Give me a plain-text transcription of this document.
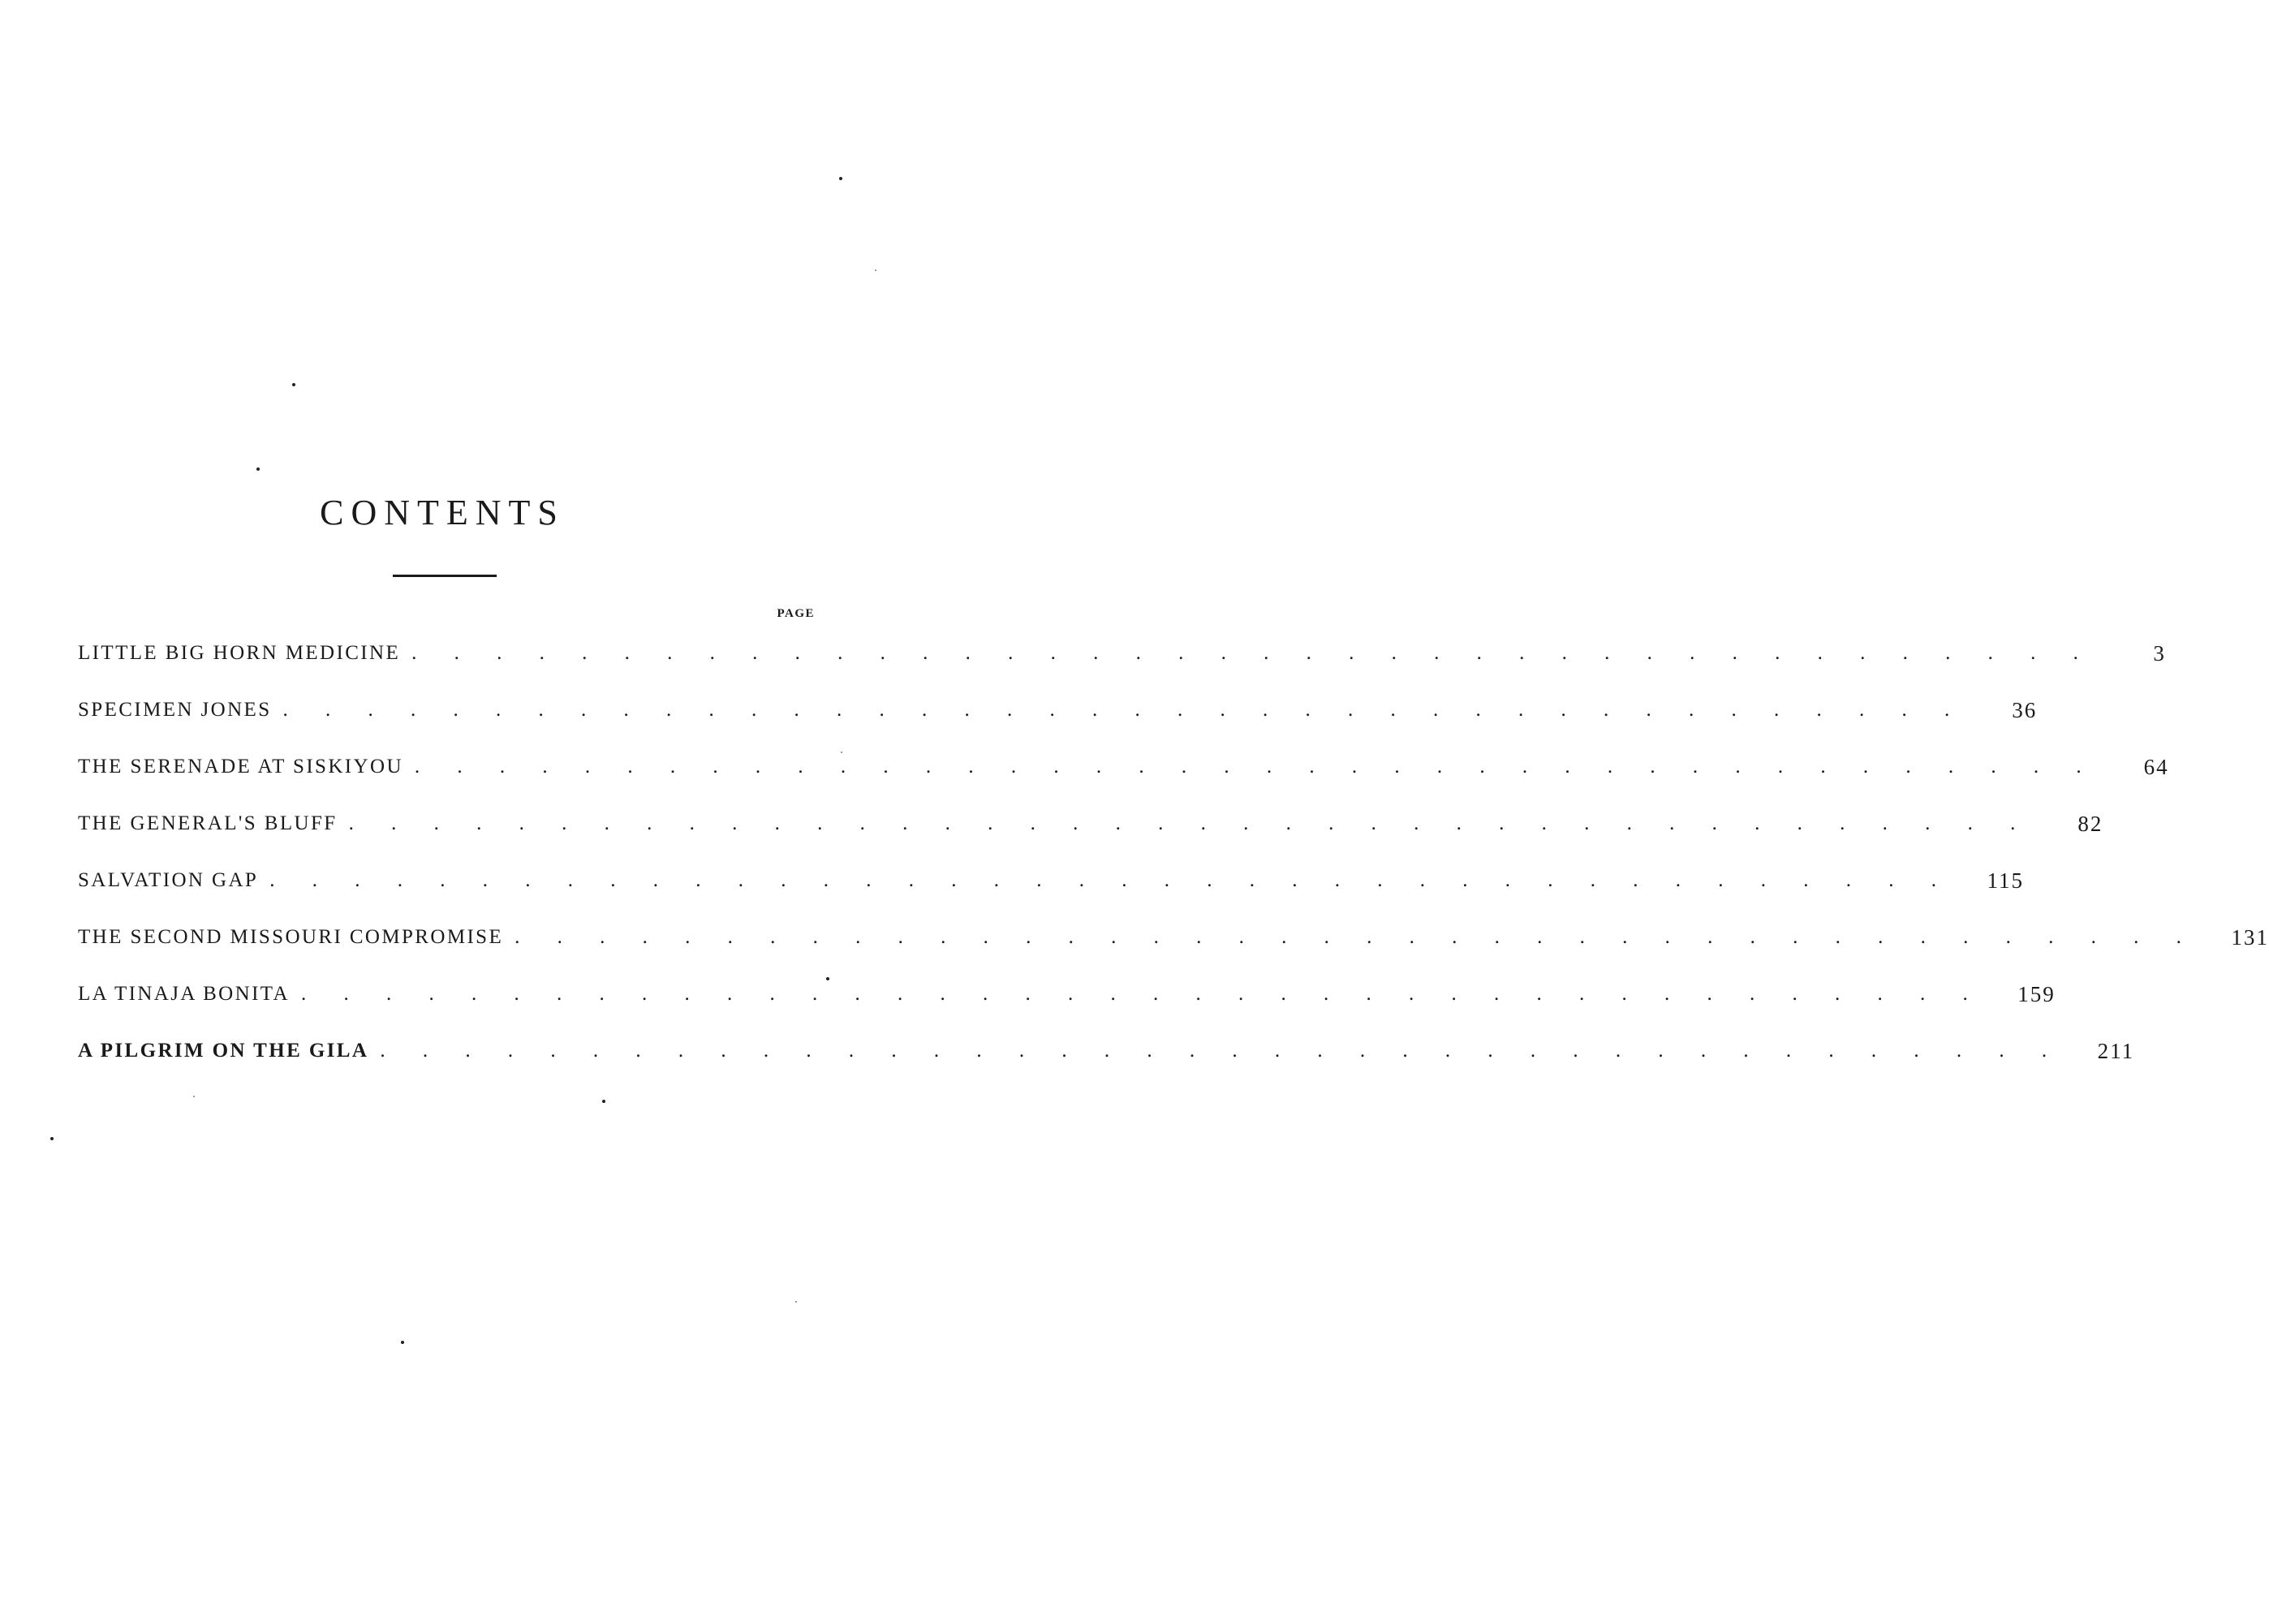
CONTENTS
PAGE
LITTLE BIG HORN MEDICINE . . . . . . . . . . . . . . . . . . . . . . . . . . . . . . . . . . . . . . . .	3
SPECIMEN JONES . . . . . . . . . . . . . . . . . . . . . . . . . . . . . . . . . . . . . . . .	36
THE SERENADE AT SISKIYOU . . . . . . . . . . . . . . . . . . . . . . . . . . . . . . . . . . . . . . . .	64
THE GENERAL'S BLUFF . . . . . . . . . . . . . . . . . . . . . . . . . . . . . . . . . . . . . . . .	82
SALVATION GAP . . . . . . . . . . . . . . . . . . . . . . . . . . . . . . . . . . . . . . . .	115
THE SECOND MISSOURI COMPROMISE . . . . . . . . . . . . . . . . . . . . . . . . . . . . . . . . . . . . . . . .	131
LA TINAJA BONITA . . . . . . . . . . . . . . . . . . . . . . . . . . . . . . . . . . . . . . . .	159
A PILGRIM ON THE GILA . . . . . . . . . . . . . . . . . . . . . . . . . . . . . . . . . . . . . . . .	211
